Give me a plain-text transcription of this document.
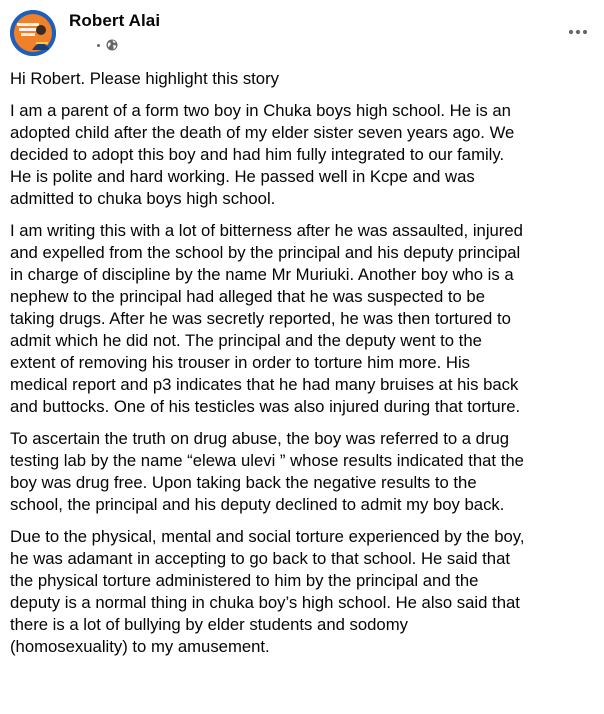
Robert Alai
Hi Robert. Please highlight this story
I am a parent of a form two boy in Chuka boys high school. He is an
adopted child after the death of my elder sister seven years ago. We
decided to adopt this boy and had him fully integrated to our family.
He is polite and hard working. He passed well in Kcpe and was
admitted to chuka boys high school.
I am writing this with a lot of bitterness after he was assaulted, injured
and expelled from the school by the principal and his deputy principal
in charge of discipline by the name Mr Muriuki. Another boy who is a
nephew to the principal had alleged that he was suspected to be
taking drugs. After he was secretly reported, he was then tortured to
admit which he did not. The principal and the deputy went to the
extent of removing his trouser in order to torture him more. His
medical report and p3 indicates that he had many bruises at his back
and buttocks. One of his testicles was also injured during that torture.
To ascertain the truth on drug abuse, the boy was referred to a drug
testing lab by the name “elewa ulevi ” whose results indicated that the
boy was drug free. Upon taking back the negative results to the
school, the principal and his deputy declined to admit my boy back.
Due to the physical, mental and social torture experienced by the boy,
he was adamant in accepting to go back to that school. He said that
the physical torture administered to him by the principal and the
deputy is a normal thing in chuka boy’s high school. He also said that
there is a lot of bullying by elder students and sodomy
(homosexuality) to my amusement.
